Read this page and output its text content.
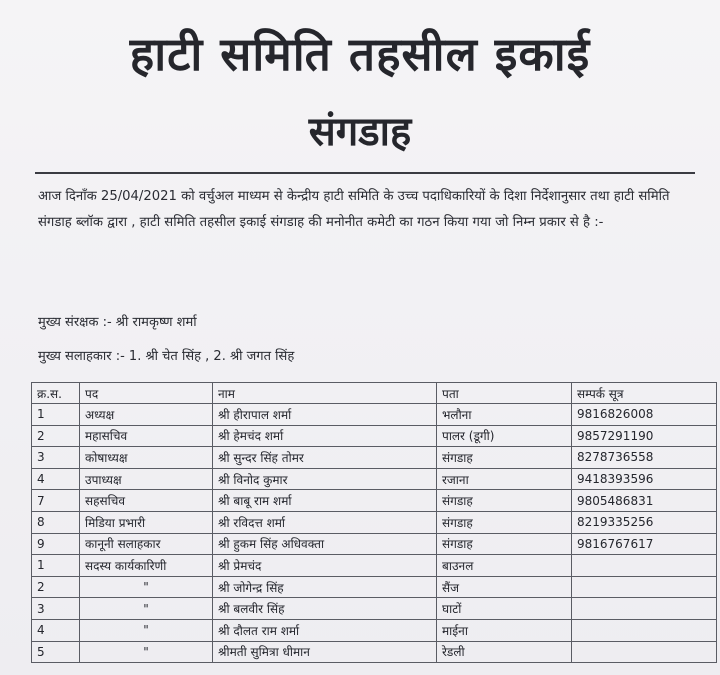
हाटी समिति तहसील इकाई
संगडाह
आज दिनाँक 25/04/2021 को वर्चुअल माध्यम से केन्द्रीय हाटी समिति के उच्च पदाधिकारियों के दिशा निर्देशानुसार तथा हाटी समिति संगडाह ब्लॉक द्वारा , हाटी समिति तहसील इकाई संगडाह की मनोनीत कमेटी का गठन किया गया जो निम्न प्रकार से है :-
मुख्य संरक्षक :- श्री रामकृष्ण शर्मा
मुख्य सलाहकार :- 1. श्री चेत सिंह , 2. श्री जगत सिंह
क्र.स.	पद	नाम	पता	सम्पर्क सूत्र
1	अध्यक्ष	श्री हीरापाल शर्मा	भलौना	9816826008
2	महासचिव	श्री हेमचंद शर्मा	पालर (डूगी)	9857291190
3	कोषाध्यक्ष	श्री सुन्दर सिंह तोमर	संगडाह	8278736558
4	उपाध्यक्ष	श्री विनोद कुमार	रजाना	9418393596
7	सहसचिव	श्री बाबू राम शर्मा	संगडाह	9805486831
8	मिडिया प्रभारी	श्री रविदत्त शर्मा	संगडाह	8219335256
9	कानूनी सलाहकार	श्री हुकम सिंह अधिवक्ता	संगडाह	9816767617
1	सदस्य कार्यकारिणी	श्री प्रेमचंद	बाउनल	
2	"	श्री जोगेन्द्र सिंह	सैंज	
3	"	श्री बलवीर सिंह	घाटों	
4	"	श्री दौलत राम शर्मा	माईना	
5	"	श्रीमती सुमित्रा धीमान	रेडली	
